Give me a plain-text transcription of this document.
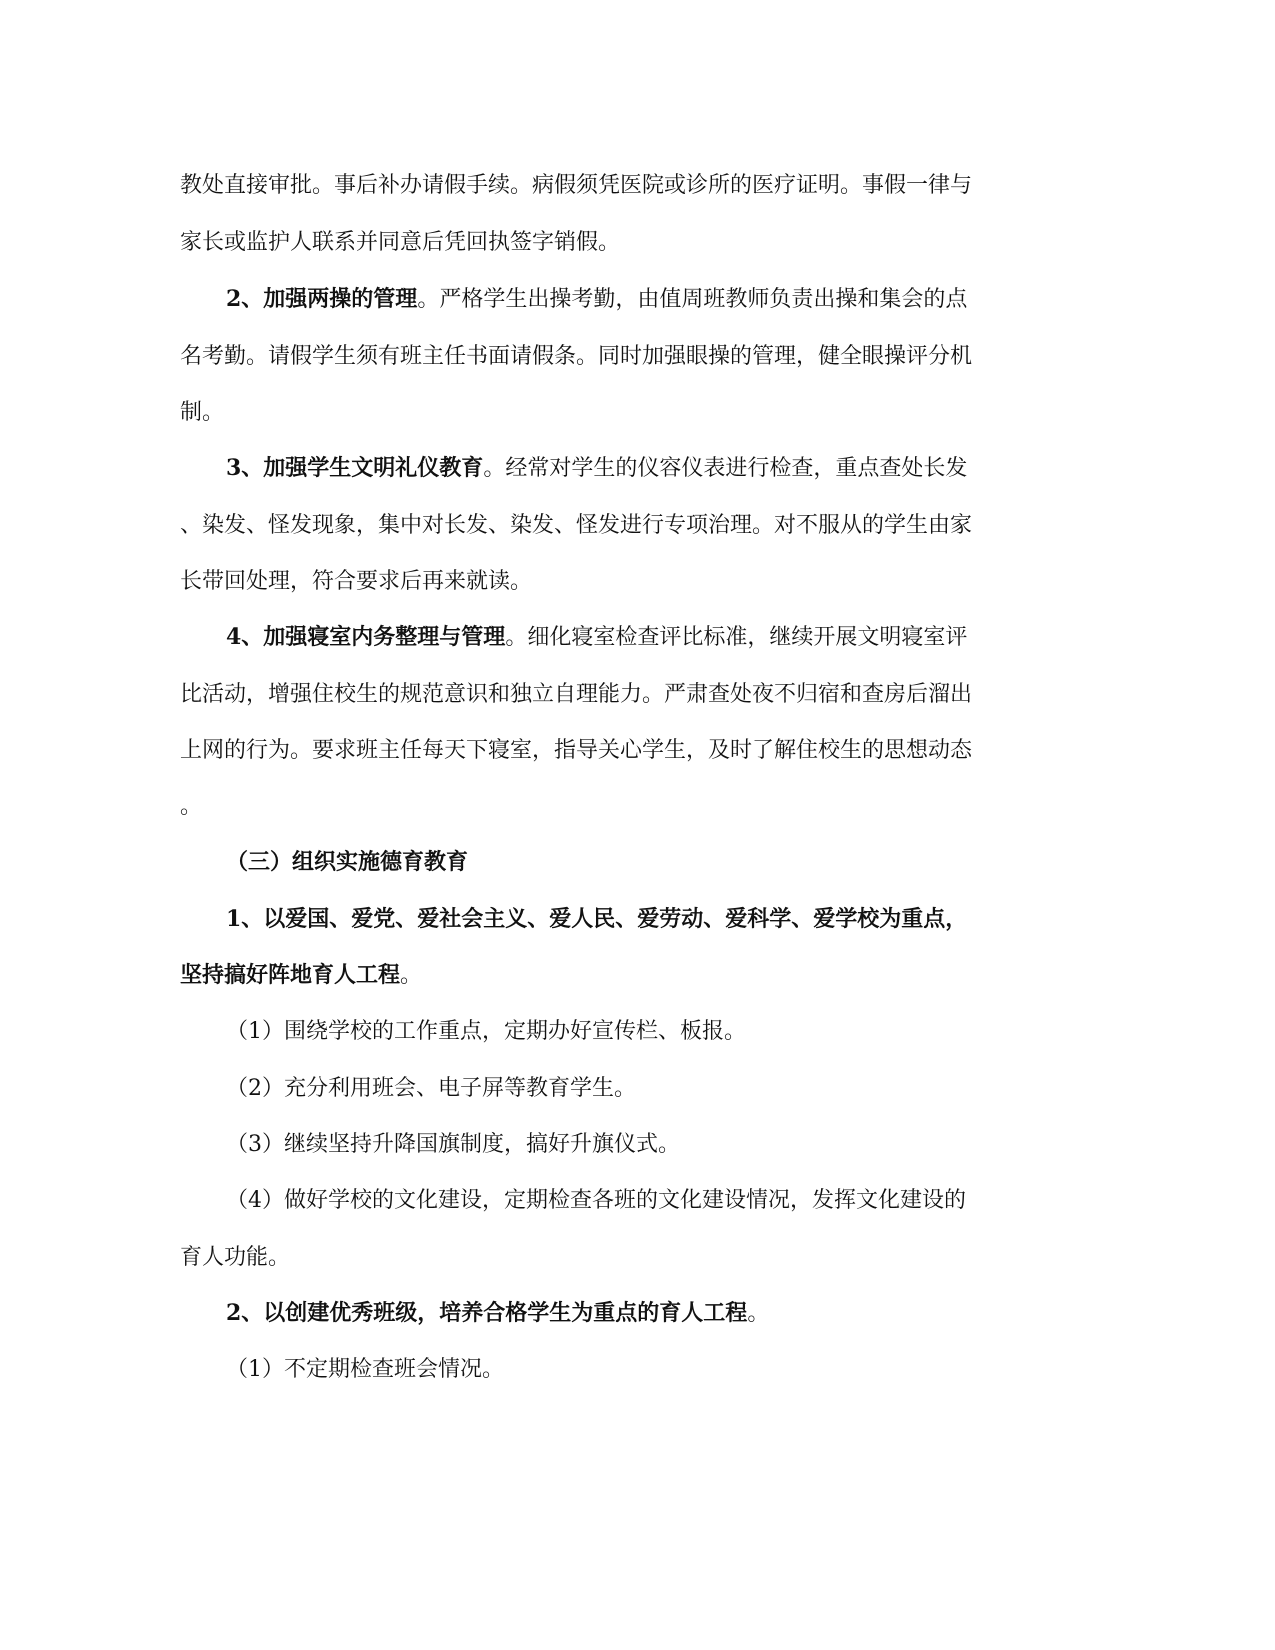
教处直接审批。事后补办请假手续。病假须凭医院或诊所的医疗证明。事假一律与
家长或监护人联系并同意后凭回执签字销假。
2、加强两操的管理。严格学生出操考勤，由值周班教师负责出操和集会的点
名考勤。请假学生须有班主任书面请假条。同时加强眼操的管理，健全眼操评分机
制。
3、加强学生文明礼仪教育。经常对学生的仪容仪表进行检查，重点查处长发
、染发、怪发现象，集中对长发、染发、怪发进行专项治理。对不服从的学生由家
长带回处理，符合要求后再来就读。
4、加强寝室内务整理与管理。细化寝室检查评比标准，继续开展文明寝室评
比活动，增强住校生的规范意识和独立自理能力。严肃查处夜不归宿和查房后溜出
上网的行为。要求班主任每天下寝室，指导关心学生，及时了解住校生的思想动态
。
（三）组织实施德育教育
1、以爱国、爱党、爱社会主义、爱人民、爱劳动、爱科学、爱学校为重点，
坚持搞好阵地育人工程。
（1）围绕学校的工作重点，定期办好宣传栏、板报。
（2）充分利用班会、电子屏等教育学生。
（3）继续坚持升降国旗制度，搞好升旗仪式。
（4）做好学校的文化建设，定期检查各班的文化建设情况，发挥文化建设的
育人功能。
2、以创建优秀班级，培养合格学生为重点的育人工程。
（1）不定期检查班会情况。
